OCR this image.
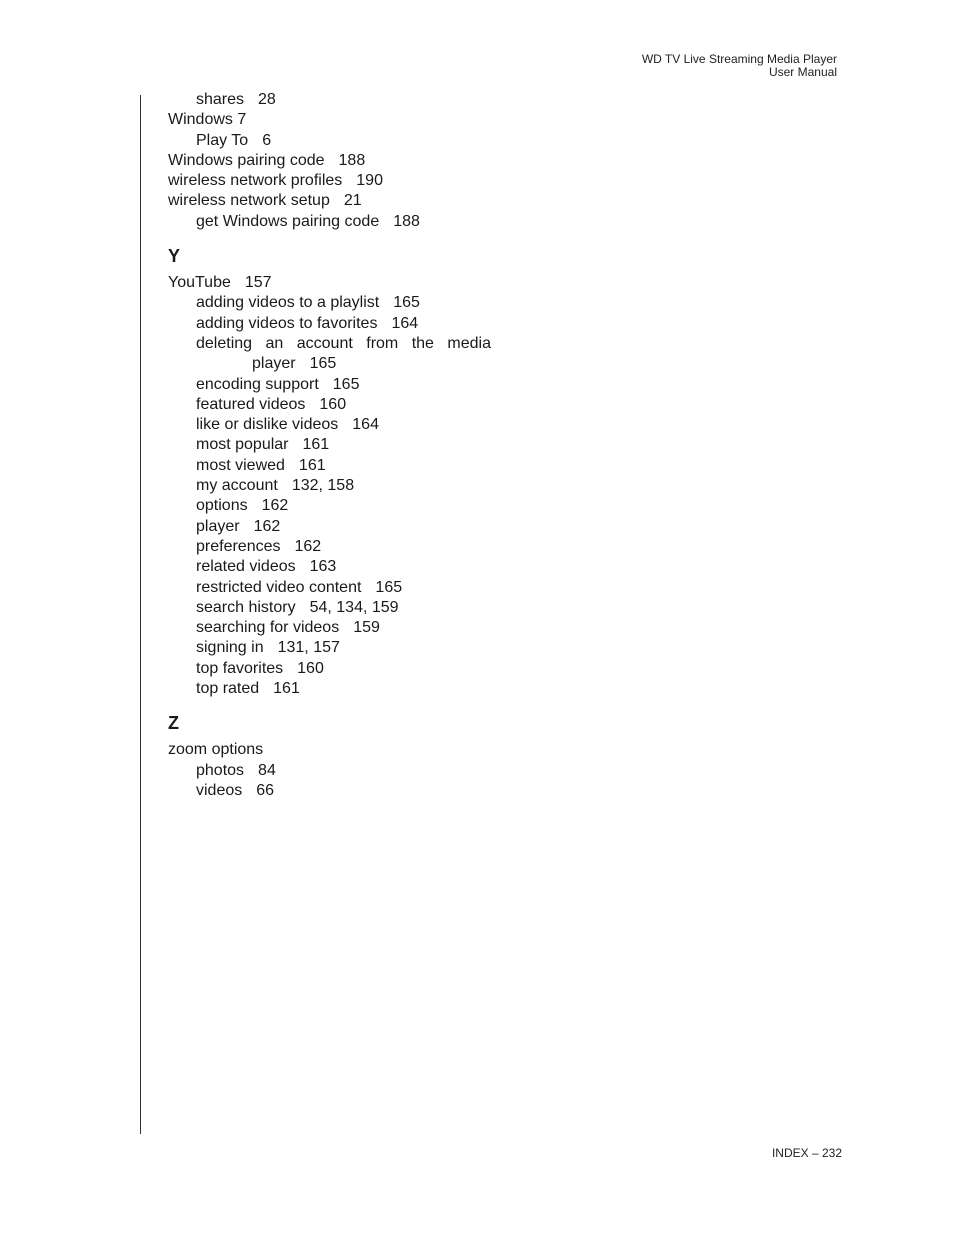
WD TV Live Streaming Media Player
User Manual
shares 28
Windows 7
Play To 6
Windows pairing code 188
wireless network profiles 190
wireless network setup 21
get Windows pairing code 188
Y
YouTube 157
adding videos to a playlist 165
adding videos to favorites 164
deleting an account from the media
player 165
encoding support 165
featured videos 160
like or dislike videos 164
most popular 161
most viewed 161
my account 132, 158
options 162
player 162
preferences 162
related videos 163
restricted video content 165
search history 54, 134, 159
searching for videos 159
signing in 131, 157
top favorites 160
top rated 161
Z
zoom options
photos 84
videos 66
INDEX – 232
